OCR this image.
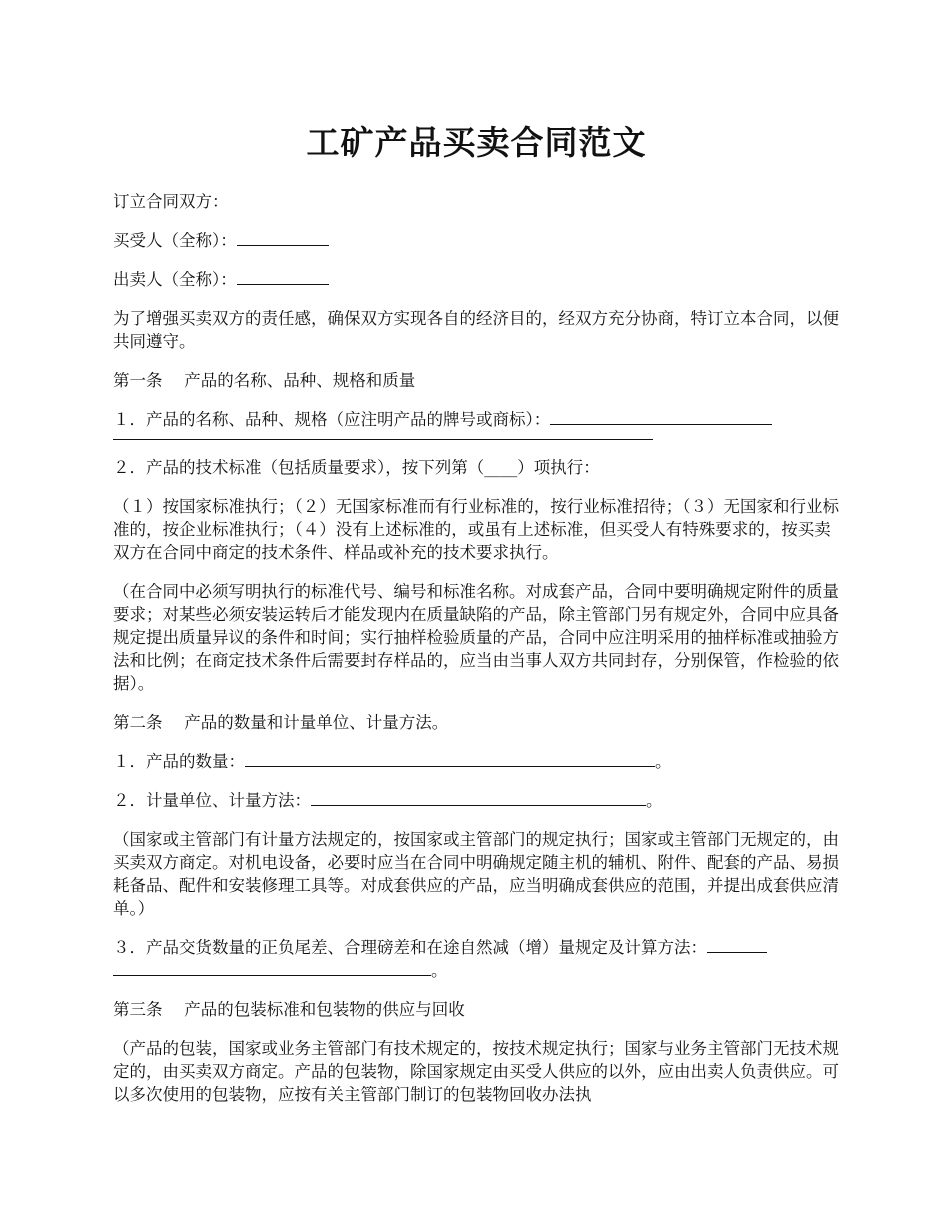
工矿产品买卖合同范文

订立合同双方：

买受人（全称）：

出卖人（全称）：

为了增强买卖双方的责任感，确保双方实现各自的经济目的，经双方充分协商，特订立本合同，以便共同遵守。

第一条　 产品的名称、品种、规格和质量

１．产品的名称、品种、规格（应注明产品的牌号或商标）：

２．产品的技术标准（包括质量要求），按下列第（____）项执行：

（１）按国家标准执行；（２）无国家标准而有行业标准的，按行业标准招待；（３）无国家和行业标准的，按企业标准执行；（４）没有上述标准的，或虽有上述标准，但买受人有特殊要求的，按买卖双方在合同中商定的技术条件、样品或补充的技术要求执行。

（在合同中必须写明执行的标准代号、编号和标准名称。对成套产品，合同中要明确规定附件的质量要求；对某些必须安装运转后才能发现内在质量缺陷的产品，除主管部门另有规定外，合同中应具备规定提出质量异议的条件和时间；实行抽样检验质量的产品，合同中应注明采用的抽样标准或抽验方法和比例；在商定技术条件后需要封存样品的，应当由当事人双方共同封存，分别保管，作检验的依据）。

第二条　 产品的数量和计量单位、计量方法。

１．产品的数量：	。

２．计量单位、计量方法：	。

（国家或主管部门有计量方法规定的，按国家或主管部门的规定执行；国家或主管部门无规定的，由买卖双方商定。对机电设备，必要时应当在合同中明确规定随主机的辅机、附件、配套的产品、易损耗备品、配件和安装修理工具等。对成套供应的产品，应当明确成套供应的范围，并提出成套供应清单。）

３．产品交货数量的正负尾差、合理磅差和在途自然减（增）量规定及计算方法：
。

第三条　 产品的包装标准和包装物的供应与回收

（产品的包装，国家或业务主管部门有技术规定的，按技术规定执行；国家与业务主管部门无技术规定的，由买卖双方商定。产品的包装物，除国家规定由买受人供应的以外，应由出卖人负责供应。可以多次使用的包装物，应按有关主管部门制订的包装物回收办法执
